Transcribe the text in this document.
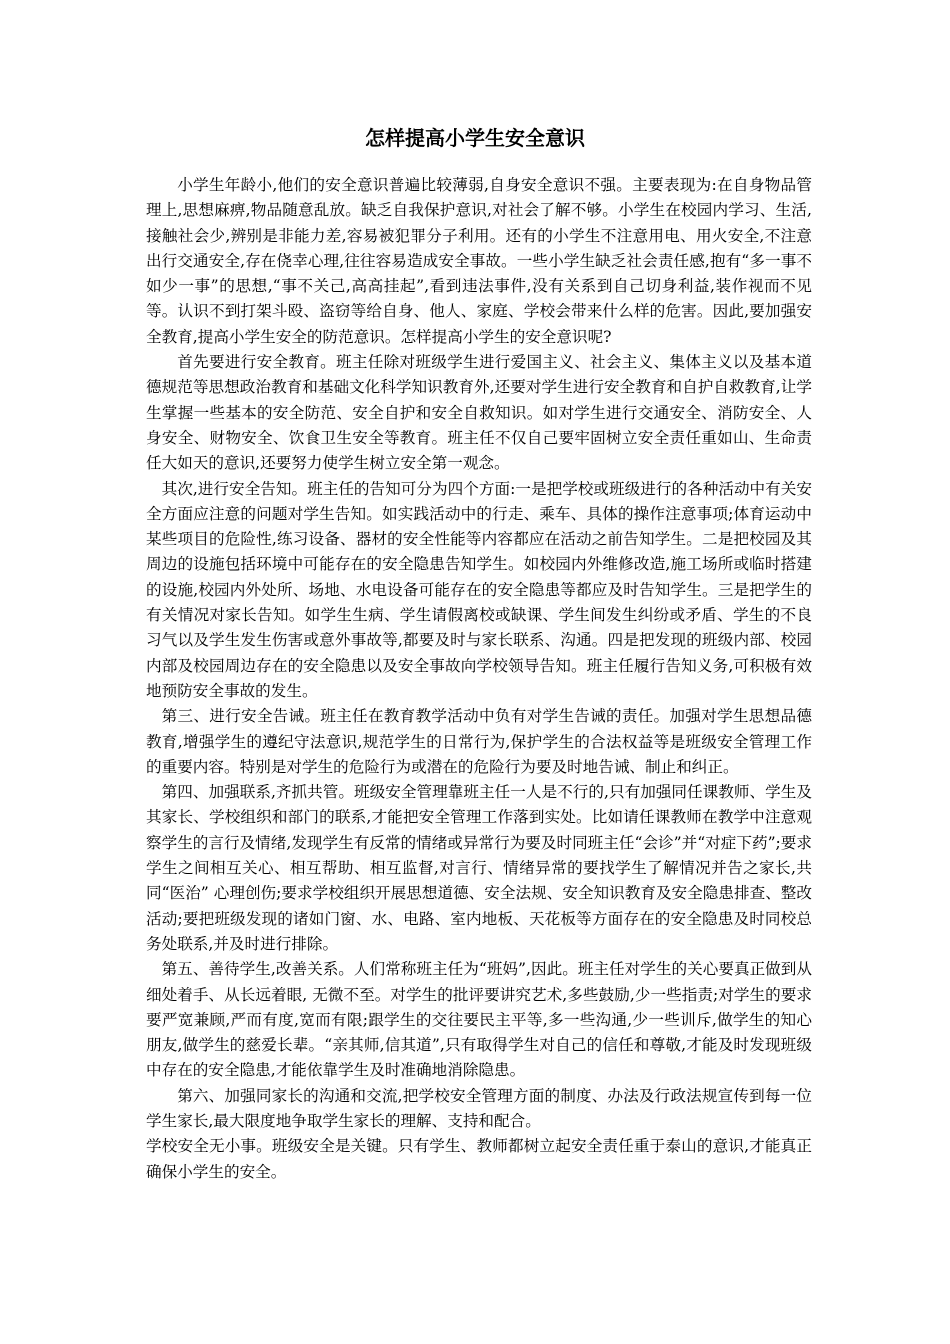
怎样提高小学生安全意识

小学生年龄小,他们的安全意识普遍比较薄弱,自身安全意识不强。主要表现为:在自身物品管理上,思想麻痹,物品随意乱放。缺乏自我保护意识,对社会了解不够。小学生在校园内学习、生活,接触社会少,辨别是非能力差,容易被犯罪分子利用。还有的小学生不注意用电、用火安全,不注意出行交通安全,存在侥幸心理,往往容易造成安全事故。一些小学生缺乏社会责任感,抱有“多一事不如少一事”的思想,“事不关己,高高挂起”,看到违法事件,没有关系到自己切身利益,装作视而不见等。认识不到打架斗殴、盗窃等给自身、他人、家庭、学校会带来什么样的危害。因此,要加强安全教育,提高小学生安全的防范意识。怎样提高小学生的安全意识呢?

首先要进行安全教育。班主任除对班级学生进行爱国主义、社会主义、集体主义以及基本道德规范等思想政治教育和基础文化科学知识教育外,还要对学生进行安全教育和自护自救教育,让学生掌握一些基本的安全防范、安全自护和安全自救知识。如对学生进行交通安全、消防安全、人身安全、财物安全、饮食卫生安全等教育。班主任不仅自己要牢固树立安全责任重如山、生命责任大如天的意识,还要努力使学生树立安全第一观念。

其次,进行安全告知。班主任的告知可分为四个方面:一是把学校或班级进行的各种活动中有关安全方面应注意的问题对学生告知。如实践活动中的行走、乘车、具体的操作注意事项;体育运动中某些项目的危险性,练习设备、器材的安全性能等内容都应在活动之前告知学生。二是把校园及其周边的设施包括环境中可能存在的安全隐患告知学生。如校园内外维修改造,施工场所或临时搭建的设施,校园内外处所、场地、水电设备可能存在的安全隐患等都应及时告知学生。三是把学生的有关情况对家长告知。如学生生病、学生请假离校或缺课、学生间发生纠纷或矛盾、学生的不良习气以及学生发生伤害或意外事故等,都要及时与家长联系、沟通。四是把发现的班级内部、校园内部及校园周边存在的安全隐患以及安全事故向学校领导告知。班主任履行告知义务,可积极有效地预防安全事故的发生。

第三、进行安全告诫。班主任在教育教学活动中负有对学生告诫的责任。加强对学生思想品德教育,增强学生的遵纪守法意识,规范学生的日常行为,保护学生的合法权益等是班级安全管理工作的重要内容。特别是对学生的危险行为或潜在的危险行为要及时地告诫、制止和纠正。

第四、加强联系,齐抓共管。班级安全管理靠班主任一人是不行的,只有加强同任课教师、学生及其家长、学校组织和部门的联系,才能把安全管理工作落到实处。比如请任课教师在教学中注意观察学生的言行及情绪,发现学生有反常的情绪或异常行为要及时同班主任“会诊”并“对症下药”;要求学生之间相互关心、相互帮助、相互监督,对言行、情绪异常的要找学生了解情况并告之家长,共同“医治” 心理创伤;要求学校组织开展思想道德、安全法规、安全知识教育及安全隐患排查、整改活动;要把班级发现的诸如门窗、水、电路、室内地板、天花板等方面存在的安全隐患及时同校总务处联系,并及时进行排除。

第五、善待学生,改善关系。人们常称班主任为“班妈”,因此。班主任对学生的关心要真正做到从细处着手、从长远着眼, 无微不至。对学生的批评要讲究艺术,多些鼓励,少一些指责;对学生的要求要严宽兼顾,严而有度,宽而有限;跟学生的交往要民主平等,多一些沟通,少一些训斥,做学生的知心朋友,做学生的慈爱长辈。“亲其师,信其道”,只有取得学生对自己的信任和尊敬,才能及时发现班级中存在的安全隐患,才能依靠学生及时准确地消除隐患。

第六、加强同家长的沟通和交流,把学校安全管理方面的制度、办法及行政法规宣传到每一位学生家长,最大限度地争取学生家长的理解、支持和配合。

学校安全无小事。班级安全是关键。只有学生、教师都树立起安全责任重于泰山的意识,才能真正确保小学生的安全。
